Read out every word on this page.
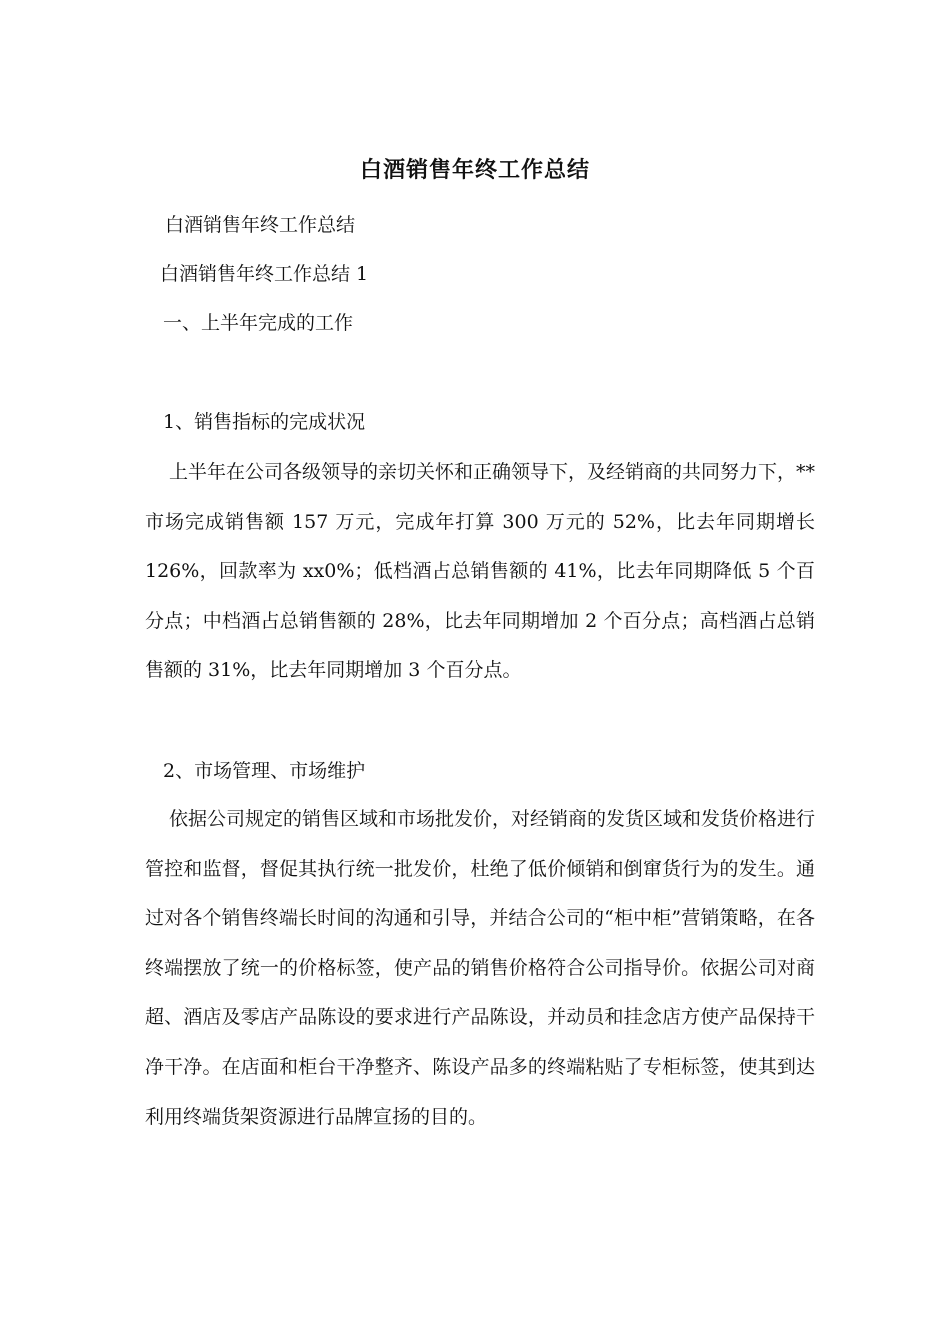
白酒销售年终工作总结
白酒销售年终工作总结
白酒销售年终工作总结 1
一、上半年完成的工作
1、销售指标的完成状况
上半年在公司各级领导的亲切关怀和正确领导下，及经销商的共同努力下，** 市场完成销售额 157 万元，完成年打算 300 万元的 52%，比去年同期增长 126%，回款率为 xx0%；低档酒占总销售额的 41%，比去年同期降低 5 个百分点；中档酒占总销售额的 28%，比去年同期增加 2 个百分点；高档酒占总销售额的 31%，比去年同期增加 3 个百分点。
2、市场管理、市场维护
依据公司规定的销售区域和市场批发价，对经销商的发货区域和发货价格进行管控和监督，督促其执行统一批发价，杜绝了低价倾销和倒窜货行为的发生。通过对各个销售终端长时间的沟通和引导，并结合公司的“柜中柜”营销策略，在各终端摆放了统一的价格标签，使产品的销售价格符合公司指导价。依据公司对商超、酒店及零店产品陈设的要求进行产品陈设，并动员和挂念店方使产品保持干净干净。在店面和柜台干净整齐、陈设产品多的终端粘贴了专柜标签，使其到达利用终端货架资源进行品牌宣扬的目的。
